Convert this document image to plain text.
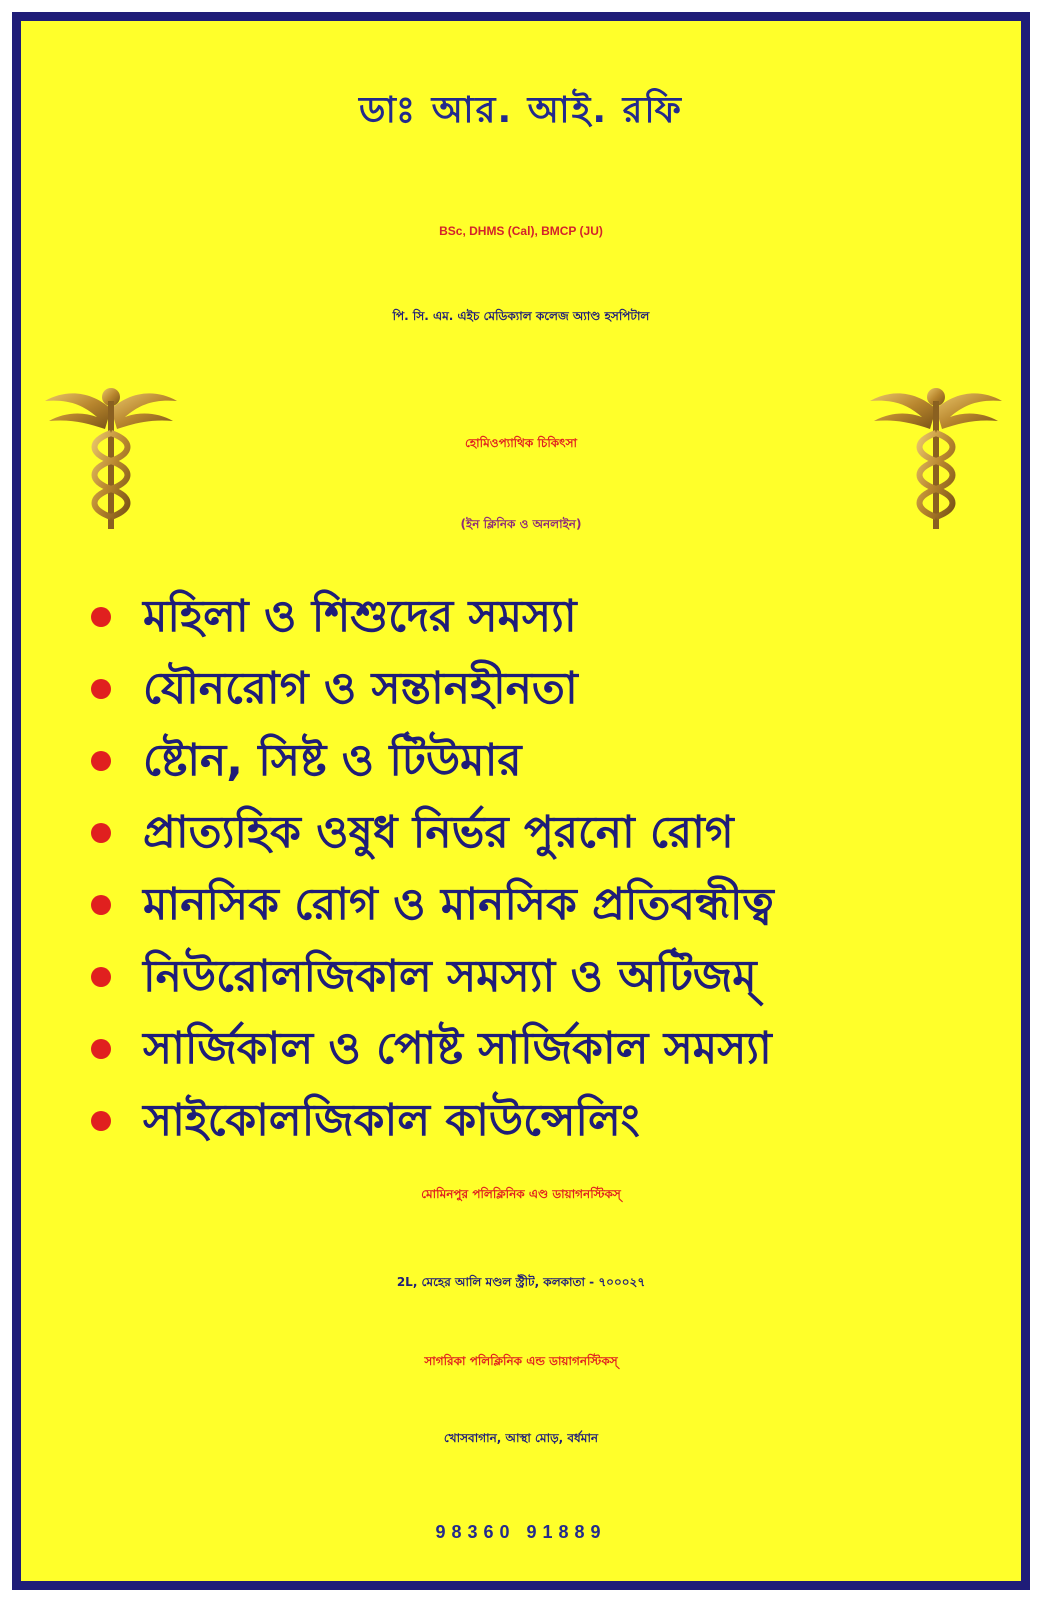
ডাঃ আর. আই. রফি
BSc, DHMS (Cal), BMCP (JU)
পি. সি. এম. এইচ মেডিক্যাল কলেজ অ্যাণ্ড হসপিটাল
হোমিওপ্যাথিক চিকিৎসা
(ইন ক্লিনিক ও অনলাইন)
মহিলা ও শিশুদের সমস্যা
যৌনরোগ ও সন্তানহীনতা
ষ্টোন, সিষ্ট ও টিউমার
প্রাত্যহিক ওষুধ নির্ভর পুরনো রোগ
মানসিক রোগ ও মানসিক প্রতিবন্ধীত্ব
নিউরোলজিকাল সমস্যা ও অটিজম্
সার্জিকাল ও পোষ্ট সার্জিকাল সমস্যা
সাইকোলজিকাল কাউন্সেলিং
মোমিনপুর পলিক্লিনিক এণ্ড ডায়াগনস্টিকস্
2L, মেহের আলি মণ্ডল স্ট্রীট, কলকাতা - ৭০০০২৭
সাগরিকা পলিক্লিনিক এন্ড ডায়াগনস্টিকস্
খোসবাগান, আস্থা মোড়, বর্ধমান
98360 91889
